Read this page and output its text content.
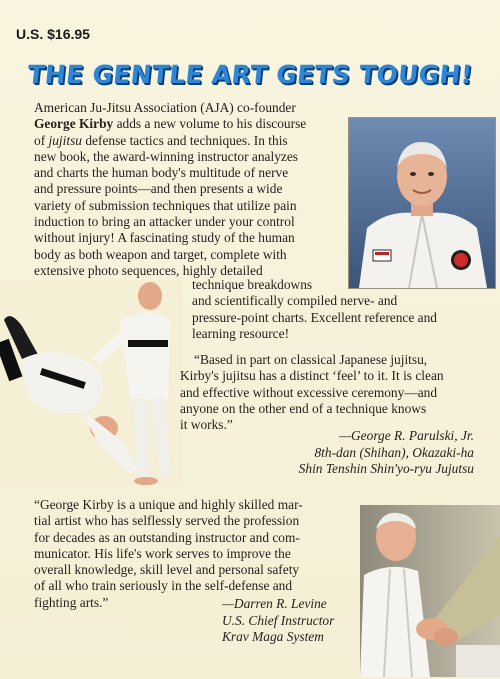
U.S. $16.95
THE GENTLE ART GETS TOUGH!
American Ju-Jitsu Association (AJA) co-founder
George Kirby adds a new volume to his discourse
of jujitsu defense tactics and techniques. In this
new book, the award-winning instructor analyzes
and charts the human body's multitude of nerve
and pressure points—and then presents a wide
variety of submission techniques that utilize pain
induction to bring an attacker under your control
without injury! A fascinating study of the human
body as both weapon and target, complete with
extensive photo sequences, highly detailed
technique breakdowns
and scientifically compiled nerve- and
pressure-point charts. Excellent reference and
learning resource!
“Based in part on classical Japanese jujitsu,
Kirby's jujitsu has a distinct ‘feel’ to it. It is clean
and effective without excessive ceremony—and
anyone on the other end of a technique knows
it works.”
—George R. Parulski, Jr.
8th-dan (Shihan), Okazaki-ha
Shin Tenshin Shin'yo-ryu Jujutsu
“George Kirby is a unique and highly skilled mar-
tial artist who has selflessly served the profession
for decades as an outstanding instructor and com-
municator. His life's work serves to improve the
overall knowledge, skill level and personal safety
of all who train seriously in the self-defense and
fighting arts.”	—Darren R. Levine
U.S. Chief Instructor
Krav Maga System
